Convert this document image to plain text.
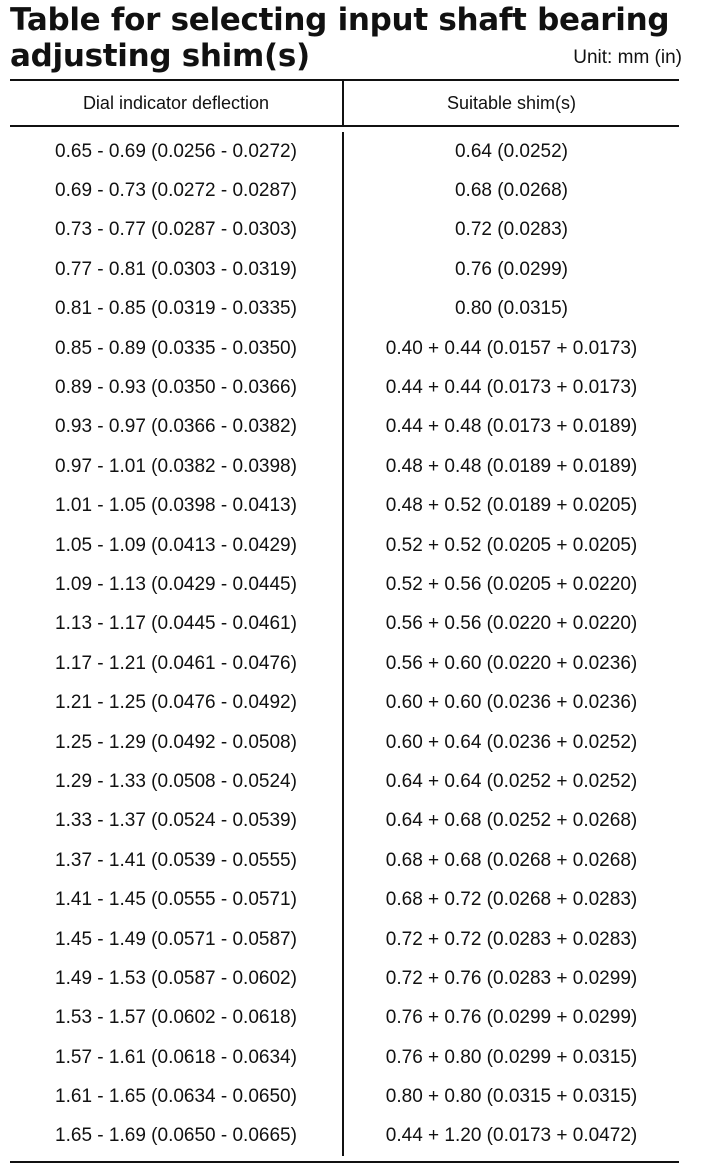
Table for selecting input shaft bearing
adjusting shim(s)	Unit: mm (in)
Dial indicator deflection	Suitable shim(s)
0.65 - 0.69 (0.0256 - 0.0272)	0.64 (0.0252)
0.69 - 0.73 (0.0272 - 0.0287)	0.68 (0.0268)
0.73 - 0.77 (0.0287 - 0.0303)	0.72 (0.0283)
0.77 - 0.81 (0.0303 - 0.0319)	0.76 (0.0299)
0.81 - 0.85 (0.0319 - 0.0335)	0.80 (0.0315)
0.85 - 0.89 (0.0335 - 0.0350)	0.40 + 0.44 (0.0157 + 0.0173)
0.89 - 0.93 (0.0350 - 0.0366)	0.44 + 0.44 (0.0173 + 0.0173)
0.93 - 0.97 (0.0366 - 0.0382)	0.44 + 0.48 (0.0173 + 0.0189)
0.97 - 1.01 (0.0382 - 0.0398)	0.48 + 0.48 (0.0189 + 0.0189)
1.01 - 1.05 (0.0398 - 0.0413)	0.48 + 0.52 (0.0189 + 0.0205)
1.05 - 1.09 (0.0413 - 0.0429)	0.52 + 0.52 (0.0205 + 0.0205)
1.09 - 1.13 (0.0429 - 0.0445)	0.52 + 0.56 (0.0205 + 0.0220)
1.13 - 1.17 (0.0445 - 0.0461)	0.56 + 0.56 (0.0220 + 0.0220)
1.17 - 1.21 (0.0461 - 0.0476)	0.56 + 0.60 (0.0220 + 0.0236)
1.21 - 1.25 (0.0476 - 0.0492)	0.60 + 0.60 (0.0236 + 0.0236)
1.25 - 1.29 (0.0492 - 0.0508)	0.60 + 0.64 (0.0236 + 0.0252)
1.29 - 1.33 (0.0508 - 0.0524)	0.64 + 0.64 (0.0252 + 0.0252)
1.33 - 1.37 (0.0524 - 0.0539)	0.64 + 0.68 (0.0252 + 0.0268)
1.37 - 1.41 (0.0539 - 0.0555)	0.68 + 0.68 (0.0268 + 0.0268)
1.41 - 1.45 (0.0555 - 0.0571)	0.68 + 0.72 (0.0268 + 0.0283)
1.45 - 1.49 (0.0571 - 0.0587)	0.72 + 0.72 (0.0283 + 0.0283)
1.49 - 1.53 (0.0587 - 0.0602)	0.72 + 0.76 (0.0283 + 0.0299)
1.53 - 1.57 (0.0602 - 0.0618)	0.76 + 0.76 (0.0299 + 0.0299)
1.57 - 1.61 (0.0618 - 0.0634)	0.76 + 0.80 (0.0299 + 0.0315)
1.61 - 1.65 (0.0634 - 0.0650)	0.80 + 0.80 (0.0315 + 0.0315)
1.65 - 1.69 (0.0650 - 0.0665)	0.44 + 1.20 (0.0173 + 0.0472)
